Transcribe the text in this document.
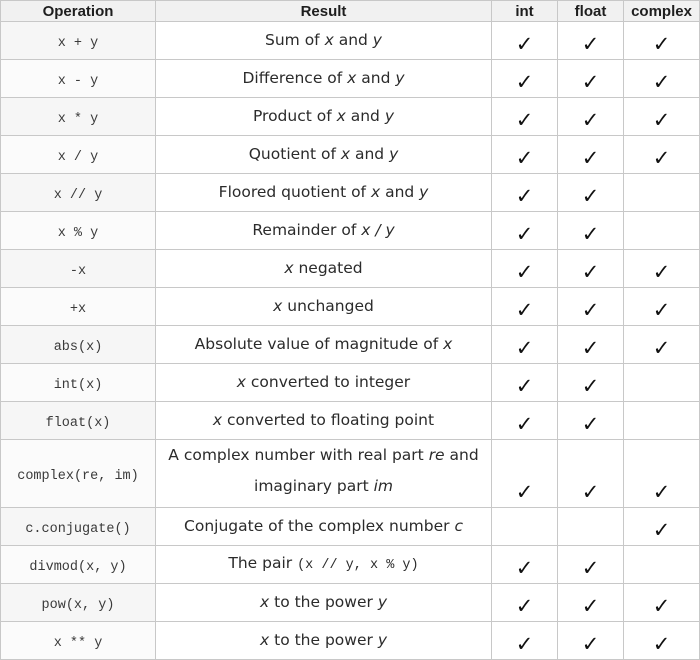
Operation	Result	int	float	complex
x + y	Sum of x and y	✓	✓	✓
x - y	Difference of x and y	✓	✓	✓
x * y	Product of x and y	✓	✓	✓
x / y	Quotient of x and y	✓	✓	✓
x // y	Floored quotient of x and y	✓	✓	
x % y	Remainder of x / y	✓	✓	
-x	x negated	✓	✓	✓
+x	x unchanged	✓	✓	✓
abs(x)	Absolute value of magnitude of x	✓	✓	✓
int(x)	x converted to integer	✓	✓	
float(x)	x converted to floating point	✓	✓	
complex(re, im)	A complex number with real part re and imaginary part im	✓	✓	✓
c.conjugate()	Conjugate of the complex number c			✓
divmod(x, y)	The pair (x // y, x % y)	✓	✓	
pow(x, y)	x to the power y	✓	✓	✓
x ** y	x to the power y	✓	✓	✓
